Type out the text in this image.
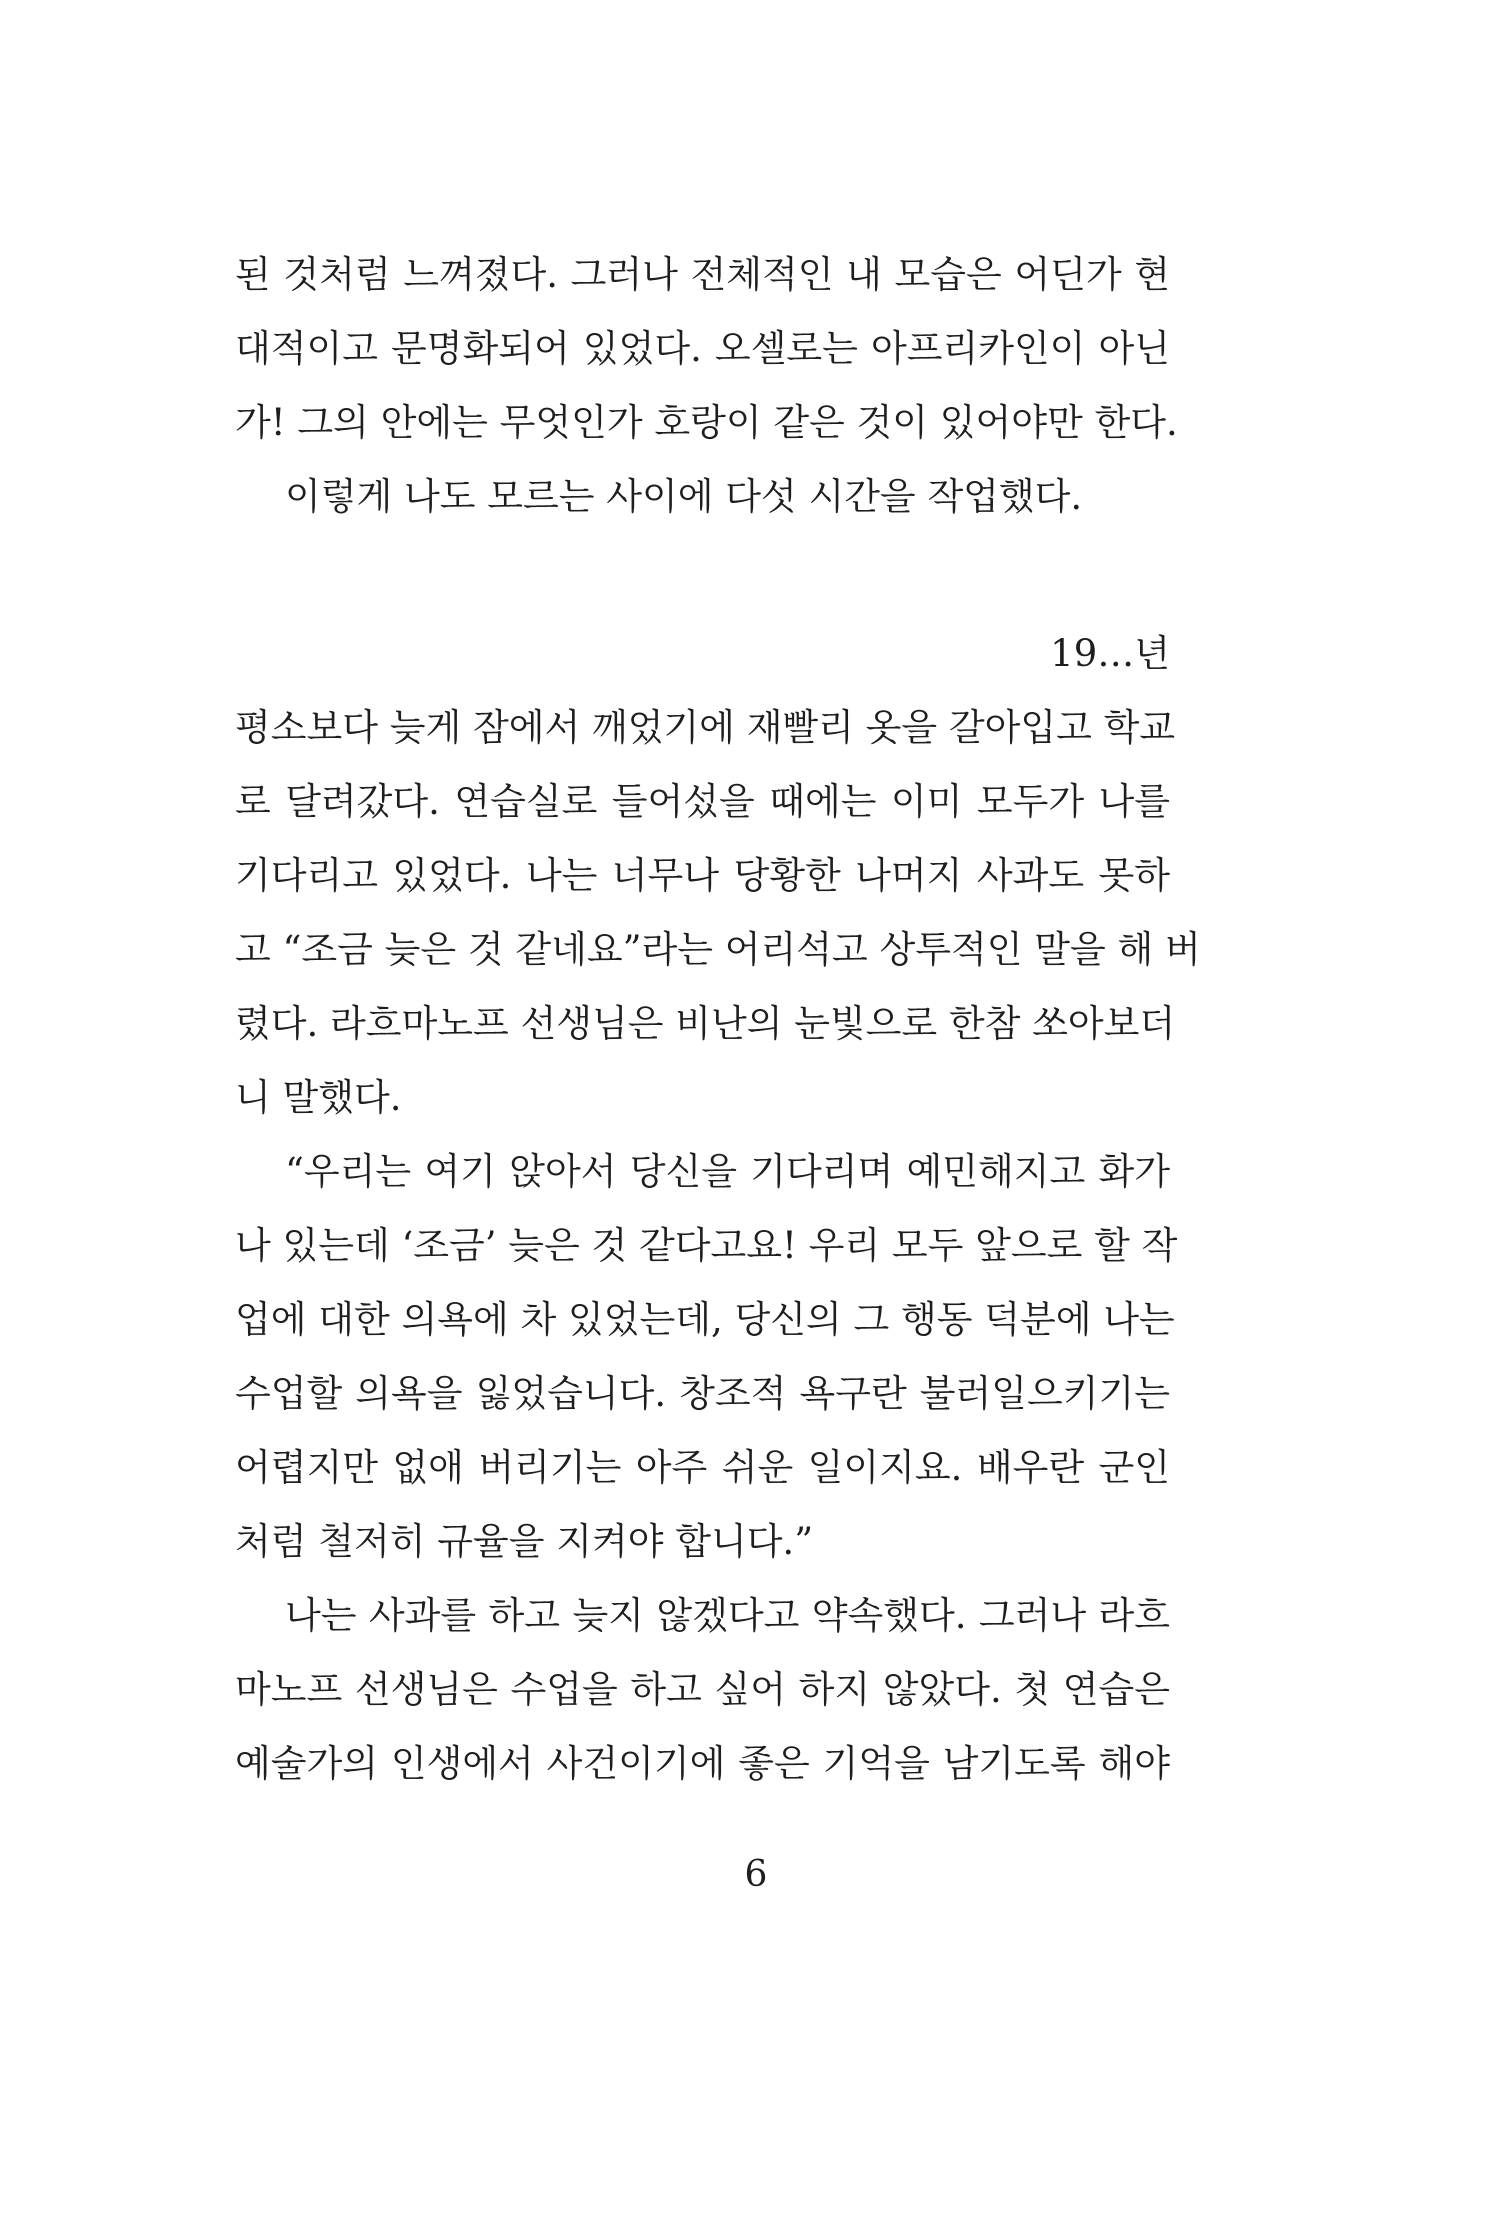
된 것처럼 느껴졌다. 그러나 전체적인 내 모습은 어딘가 현
대적이고 문명화되어 있었다. 오셀로는 아프리카인이 아닌
가! 그의 안에는 무엇인가 호랑이 같은 것이 있어야만 한다.
이렇게 나도 모르는 사이에 다섯 시간을 작업했다.
19…년
평소보다 늦게 잠에서 깨었기에 재빨리 옷을 갈아입고 학교
로 달려갔다. 연습실로 들어섰을 때에는 이미 모두가 나를
기다리고 있었다. 나는 너무나 당황한 나머지 사과도 못하
고 “조금 늦은 것 같네요”라는 어리석고 상투적인 말을 해 버
렸다. 라흐마노프 선생님은 비난의 눈빛으로 한참 쏘아보더
니 말했다.
“우리는 여기 앉아서 당신을 기다리며 예민해지고 화가
나 있는데 ‘조금’ 늦은 것 같다고요! 우리 모두 앞으로 할 작
업에 대한 의욕에 차 있었는데, 당신의 그 행동 덕분에 나는
수업할 의욕을 잃었습니다. 창조적 욕구란 불러일으키기는
어렵지만 없애 버리기는 아주 쉬운 일이지요. 배우란 군인
처럼 철저히 규율을 지켜야 합니다.”
나는 사과를 하고 늦지 않겠다고 약속했다. 그러나 라흐
마노프 선생님은 수업을 하고 싶어 하지 않았다. 첫 연습은
예술가의 인생에서 사건이기에 좋은 기억을 남기도록 해야
6
